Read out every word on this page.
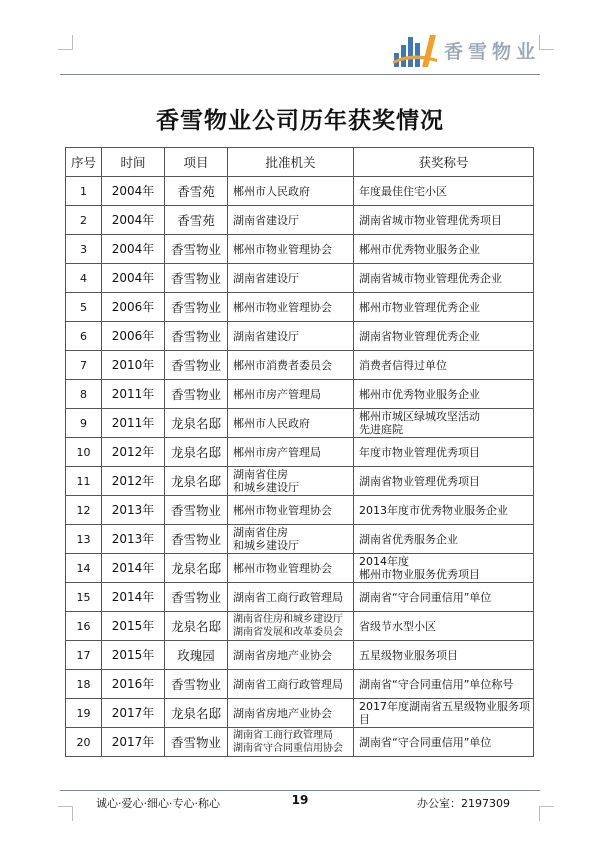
香雪物业
香雪物业公司历年获奖情况
序号	时间	项目	批准机关	获奖称号
1	2004年	香雪苑	郴州市人民政府	年度最佳住宅小区

2	2004年	香雪苑	湖南省建设厅	湖南省城市物业管理优秀项目

3	2004年	香雪物业	郴州市物业管理协会	郴州市优秀物业服务企业

4	2004年	香雪物业	湖南省建设厅	湖南省城市物业管理优秀企业

5	2006年	香雪物业	郴州市物业管理协会	郴州市物业管理优秀企业

6	2006年	香雪物业	湖南省建设厅	湖南省物业管理优秀企业

7	2010年	香雪物业	郴州市消费者委员会	消费者信得过单位

8	2011年	香雪物业	郴州市房产管理局	郴州市优秀物业服务企业

9	2011年	龙泉名邸	郴州市人民政府	郴州市城区绿城攻坚活动
先进庭院

10	2012年	龙泉名邸	郴州市房产管理局	年度市物业管理优秀项目

11	2012年	龙泉名邸	湖南省住房
和城乡建设厅	湖南省物业管理优秀项目

12	2013年	香雪物业	郴州市物业管理协会	2013年度市优秀物业服务企业

13	2013年	香雪物业	湖南省住房
和城乡建设厅	湖南省优秀服务企业

14	2014年	龙泉名邸	郴州市物业管理协会	2014年度
郴州市物业服务优秀项目

15	2014年	香雪物业	湖南省工商行政管理局	湖南省“守合同重信用”单位

16	2015年	龙泉名邸	湖南省住房和城乡建设厅
湖南省发展和改革委员会	省级节水型小区

17	2015年	玫瑰园	湖南省房地产业协会	五星级物业服务项目

18	2016年	香雪物业	湖南省工商行政管理局	湖南省“守合同重信用”单位称号

19	2017年	龙泉名邸	湖南省房地产业协会	2017年度湖南省五星级物业服务项
目

20	2017年	香雪物业	湖南省工商行政管理局
湖南省守合同重信用协会	湖南省“守合同重信用”单位
诚心·爱心·细心·专心·称心	19	办公室：2197309
